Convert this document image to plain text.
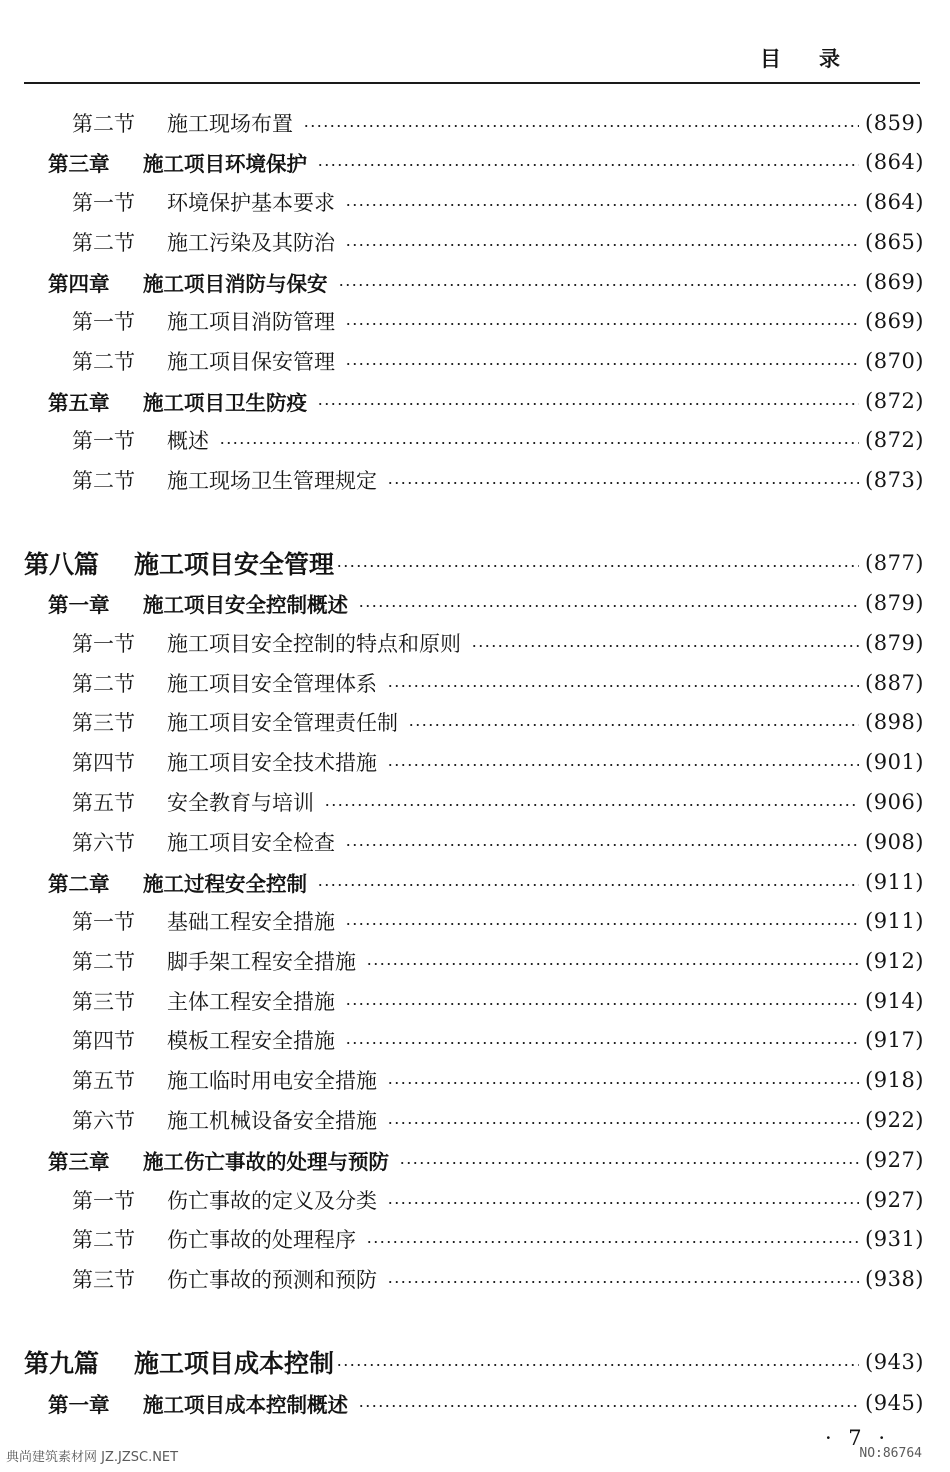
目录
第二节	施工现场布置	(859)
第三章	施工项目环境保护	(864)
第一节	环境保护基本要求	(864)
第二节	施工污染及其防治	(865)
第四章	施工项目消防与保安	(869)
第一节	施工项目消防管理	(869)
第二节	施工项目保安管理	(870)
第五章	施工项目卫生防疫	(872)
第一节	概述	(872)
第二节	施工现场卫生管理规定	(873)
第八篇	施工项目安全管理	(877)
第一章	施工项目安全控制概述	(879)
第一节	施工项目安全控制的特点和原则	(879)
第二节	施工项目安全管理体系	(887)
第三节	施工项目安全管理责任制	(898)
第四节	施工项目安全技术措施	(901)
第五节	安全教育与培训	(906)
第六节	施工项目安全检查	(908)
第二章	施工过程安全控制	(911)
第一节	基础工程安全措施	(911)
第二节	脚手架工程安全措施	(912)
第三节	主体工程安全措施	(914)
第四节	模板工程安全措施	(917)
第五节	施工临时用电安全措施	(918)
第六节	施工机械设备安全措施	(922)
第三章	施工伤亡事故的处理与预防	(927)
第一节	伤亡事故的定义及分类	(927)
第二节	伤亡事故的处理程序	(931)
第三节	伤亡事故的预测和预防	(938)
第九篇	施工项目成本控制	(943)
第一章	施工项目成本控制概述	(945)
· 7 ·
典尚建筑素材网 JZ.JZSC.NET	NO:86764
